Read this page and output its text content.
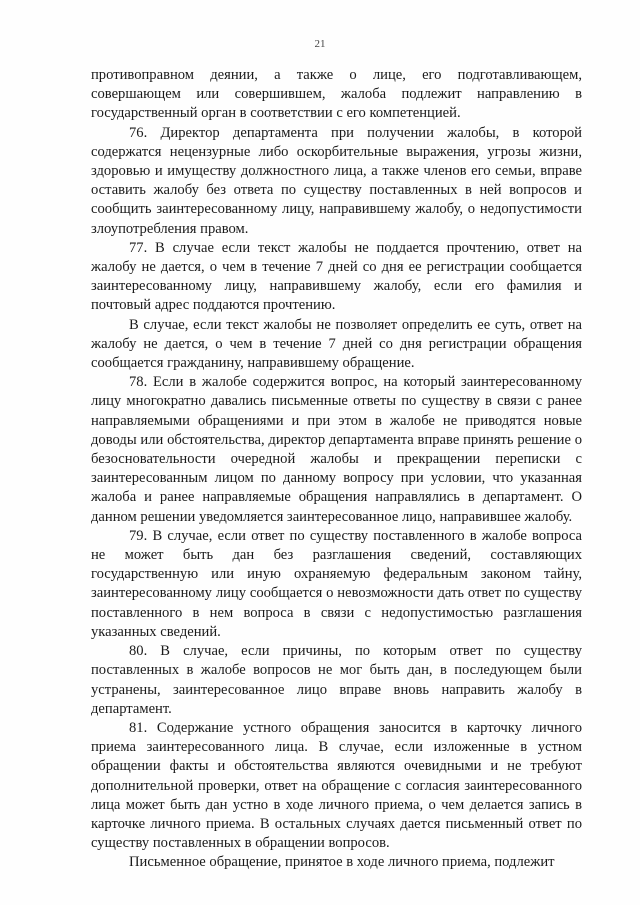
21

противоправном деянии, а также о лице, его подготавливающем, совершающем или совершившем, жалоба подлежит направлению в государственный орган в соответствии с его компетенцией.

76. Директор департамента при получении жалобы, в которой содержатся нецензурные либо оскорбительные выражения, угрозы жизни, здоровью и имуществу должностного лица, а также членов его семьи, вправе оставить жалобу без ответа по существу поставленных в ней вопросов и сообщить заинтересованному лицу, направившему жалобу, о недопустимости злоупотребления правом.

77. В случае если текст жалобы не поддается прочтению, ответ на жалобу не дается, о чем в течение 7 дней со дня ее регистрации сообщается заинтересованному лицу, направившему жалобу, если его фамилия и почтовый адрес поддаются прочтению.

В случае, если текст жалобы не позволяет определить ее суть, ответ на жалобу не дается, о чем в течение 7 дней со дня регистрации обращения сообщается гражданину, направившему обращение.

78. Если в жалобе содержится вопрос, на который заинтересованному лицу многократно давались письменные ответы по существу в связи с ранее направляемыми обращениями и при этом в жалобе не приводятся новые доводы или обстоятельства, директор департамента вправе принять решение о безосновательности очередной жалобы и прекращении переписки с заинтересованным лицом по данному вопросу при условии, что указанная жалоба и ранее направляемые обращения направлялись в департамент. О данном решении уведомляется заинтересованное лицо, направившее жалобу.

79. В случае, если ответ по существу поставленного в жалобе вопроса не может быть дан без разглашения сведений, составляющих государственную или иную охраняемую федеральным законом тайну, заинтересованному лицу сообщается о невозможности дать ответ по существу поставленного в нем вопроса в связи с недопустимостью разглашения указанных сведений.

80. В случае, если причины, по которым ответ по существу поставленных в жалобе вопросов не мог быть дан, в последующем были устранены, заинтересованное лицо вправе вновь направить жалобу в департамент.

81. Содержание устного обращения заносится в карточку личного приема заинтересованного лица. В случае, если изложенные в устном обращении факты и обстоятельства являются очевидными и не требуют дополнительной проверки, ответ на обращение с согласия заинтересованного лица может быть дан устно в ходе личного приема, о чем делается запись в карточке личного приема. В остальных случаях дается письменный ответ по существу поставленных в обращении вопросов.

Письменное обращение, принятое в ходе личного приема, подлежит
